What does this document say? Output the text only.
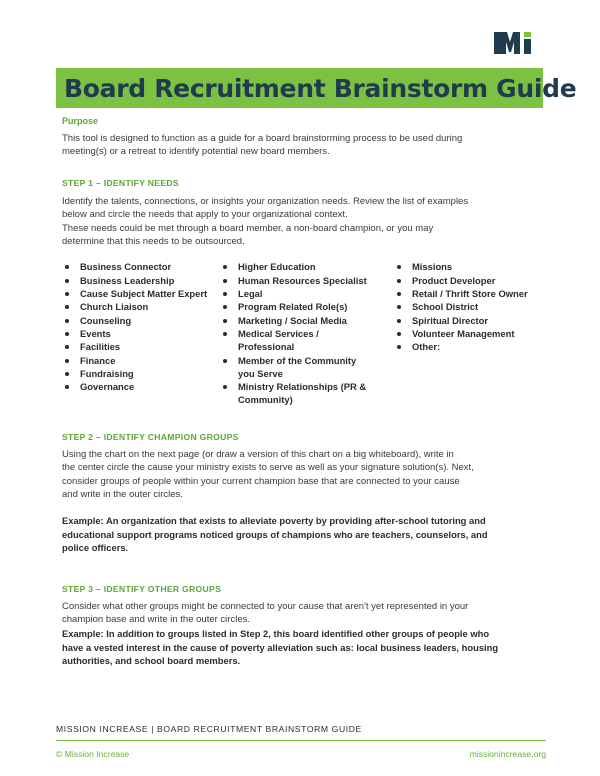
Board Recruitment Brainstorm Guide

Purpose

This tool is designed to function as a guide for a board brainstorming process to be used during
meeting(s) or a retreat to identify potential new board members.

STEP 1 – IDENTIFY NEEDS

Identify the talents, connections, or insights your organization needs. Review the list of examples
below and circle the needs that apply to your organizational context.
These needs could be met through a board member, a non-board champion, or you may
determine that this needs to be outsourced.

Business Connector
Business Leadership
Cause Subject Matter Expert
Church Liaison
Counseling
Events
Facilities
Finance
Fundraising
Governance
Higher Education
Human Resources Specialist
Legal
Program Related Role(s)
Marketing / Social Media
Medical Services /
Professional
Member of the Community
you Serve
Ministry Relationships (PR &
Community)
Missions
Product Developer
Retail / Thrift Store Owner
School District
Spiritual Director
Volunteer Management
Other:

STEP 2 – IDENTIFY CHAMPION GROUPS

Using the chart on the next page (or draw a version of this chart on a big whiteboard), write in
the center circle the cause your ministry exists to serve as well as your signature solution(s). Next,
consider groups of people within your current champion base that are connected to your cause
and write in the outer circles.

Example: An organization that exists to alleviate poverty by providing after-school tutoring and
educational support programs noticed groups of champions who are teachers, counselors, and
police officers.

STEP 3 – IDENTIFY OTHER GROUPS

Consider what other groups might be connected to your cause that aren't yet represented in your
champion base and write in the outer circles.

Example: In addition to groups listed in Step 2, this board identified other groups of people who
have a vested interest in the cause of poverty alleviation such as: local business leaders, housing
authorities, and school board members.

MISSION INCREASE | BOARD RECRUITMENT BRAINSTORM GUIDE
© Mission Increase	missionincrease.org
